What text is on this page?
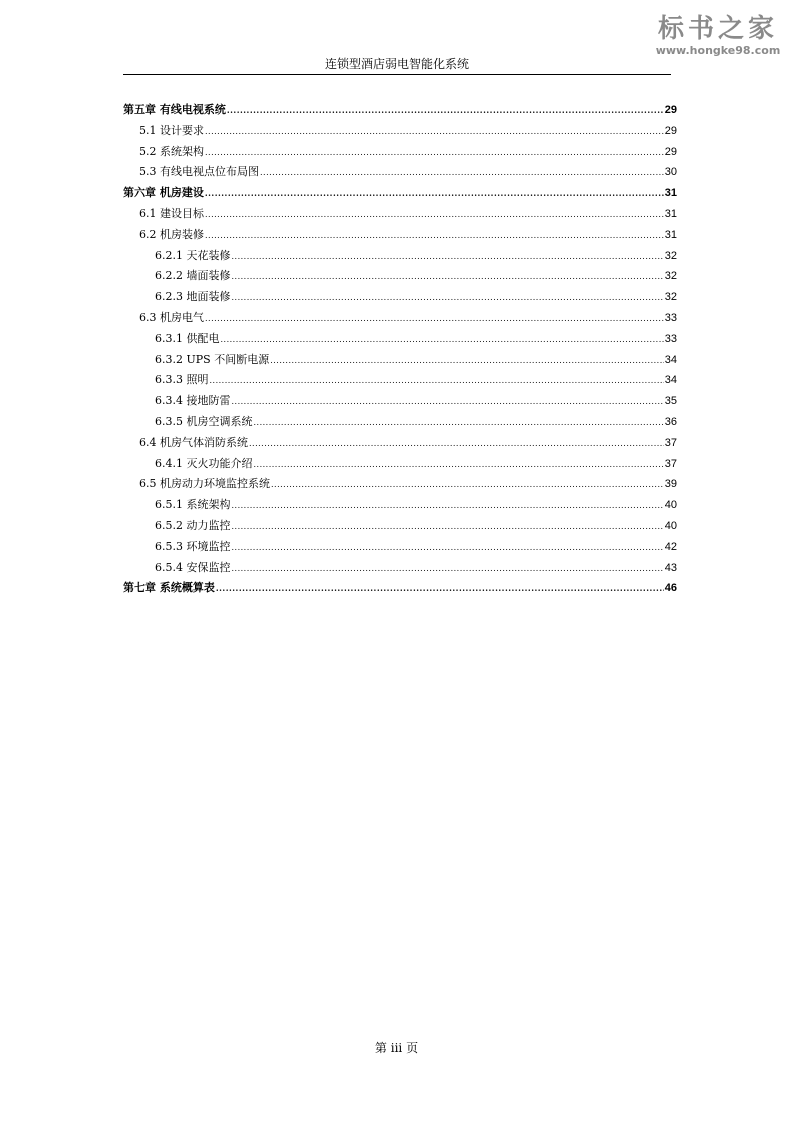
标书之家
www.hongke98.com
连锁型酒店弱电智能化系统
第五章 有线电视系统 .....	29
5.1 设计要求 .....	29
5.2 系统架构 .....	29
5.3 有线电视点位布局图 .....	30
第六章 机房建设 .....	31
6.1 建设目标 .....	31
6.2 机房装修 .....	31
6.2.1 天花装修 .....	32
6.2.2 墙面装修 .....	32
6.2.3 地面装修 .....	32
6.3 机房电气 .....	33
6.3.1 供配电 .....	33
6.3.2 UPS 不间断电源 .....	34
6.3.3 照明 .....	34
6.3.4 接地防雷 .....	35
6.3.5 机房空调系统 .....	36
6.4 机房气体消防系统 .....	37
6.4.1 灭火功能介绍 .....	37
6.5 机房动力环境监控系统 .....	39
6.5.1 系统架构 .....	40
6.5.2 动力监控 .....	40
6.5.3 环境监控 .....	42
6.5.4 安保监控 .....	43
第七章 系统概算表 .....	46
第 iii 页
